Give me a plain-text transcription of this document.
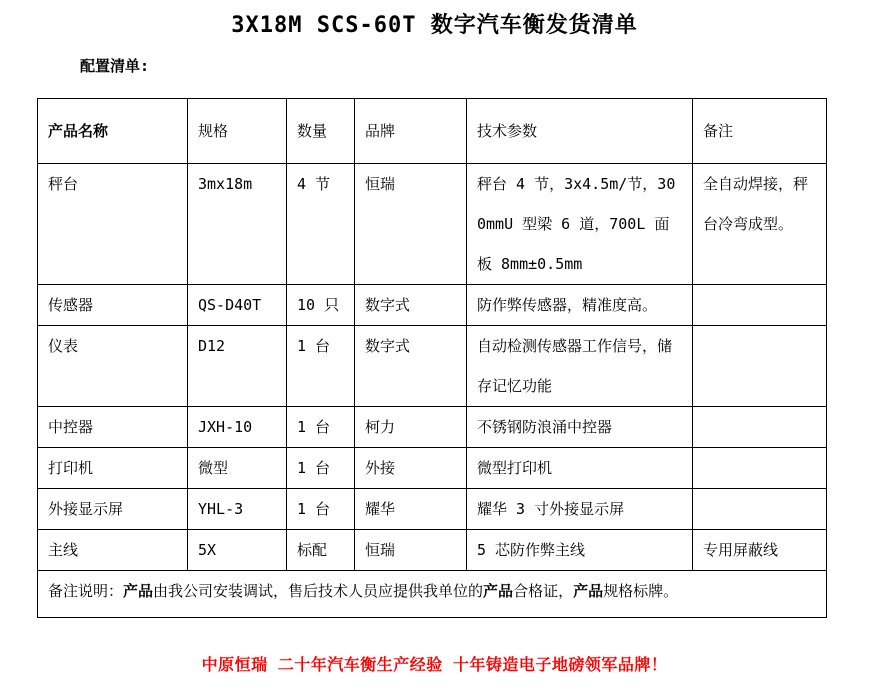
3X18M SCS-60T 数字汽车衡发货清单
配置清单:
产品名称	规格	数量	品牌	技术参数	备注
秤台	3mx18m	4 节	恒瑞	秤台 4 节，3x4.5m/节，300mmU 型梁 6 道，700L 面板 8mm±0.5mm	全自动焊接，秤台冷弯成型。
传感器	QS-D40T	10 只	数字式	防作弊传感器，精准度高。	
仪表	D12	1 台	数字式	自动检测传感器工作信号，储存记忆功能	
中控器	JXH-10	1 台	柯力	不锈钢防浪涌中控器	
打印机	微型	1 台	外接	微型打印机	
外接显示屏	YHL-3	1 台	耀华	耀华 3 寸外接显示屏	
主线	5X	标配	恒瑞	5 芯防作弊主线	专用屏蔽线
备注说明：产品由我公司安装调试，售后技术人员应提供我单位的产品合格证，产品规格标牌。					
中原恒瑞 二十年汽车衡生产经验 十年铸造电子地磅领军品牌！
